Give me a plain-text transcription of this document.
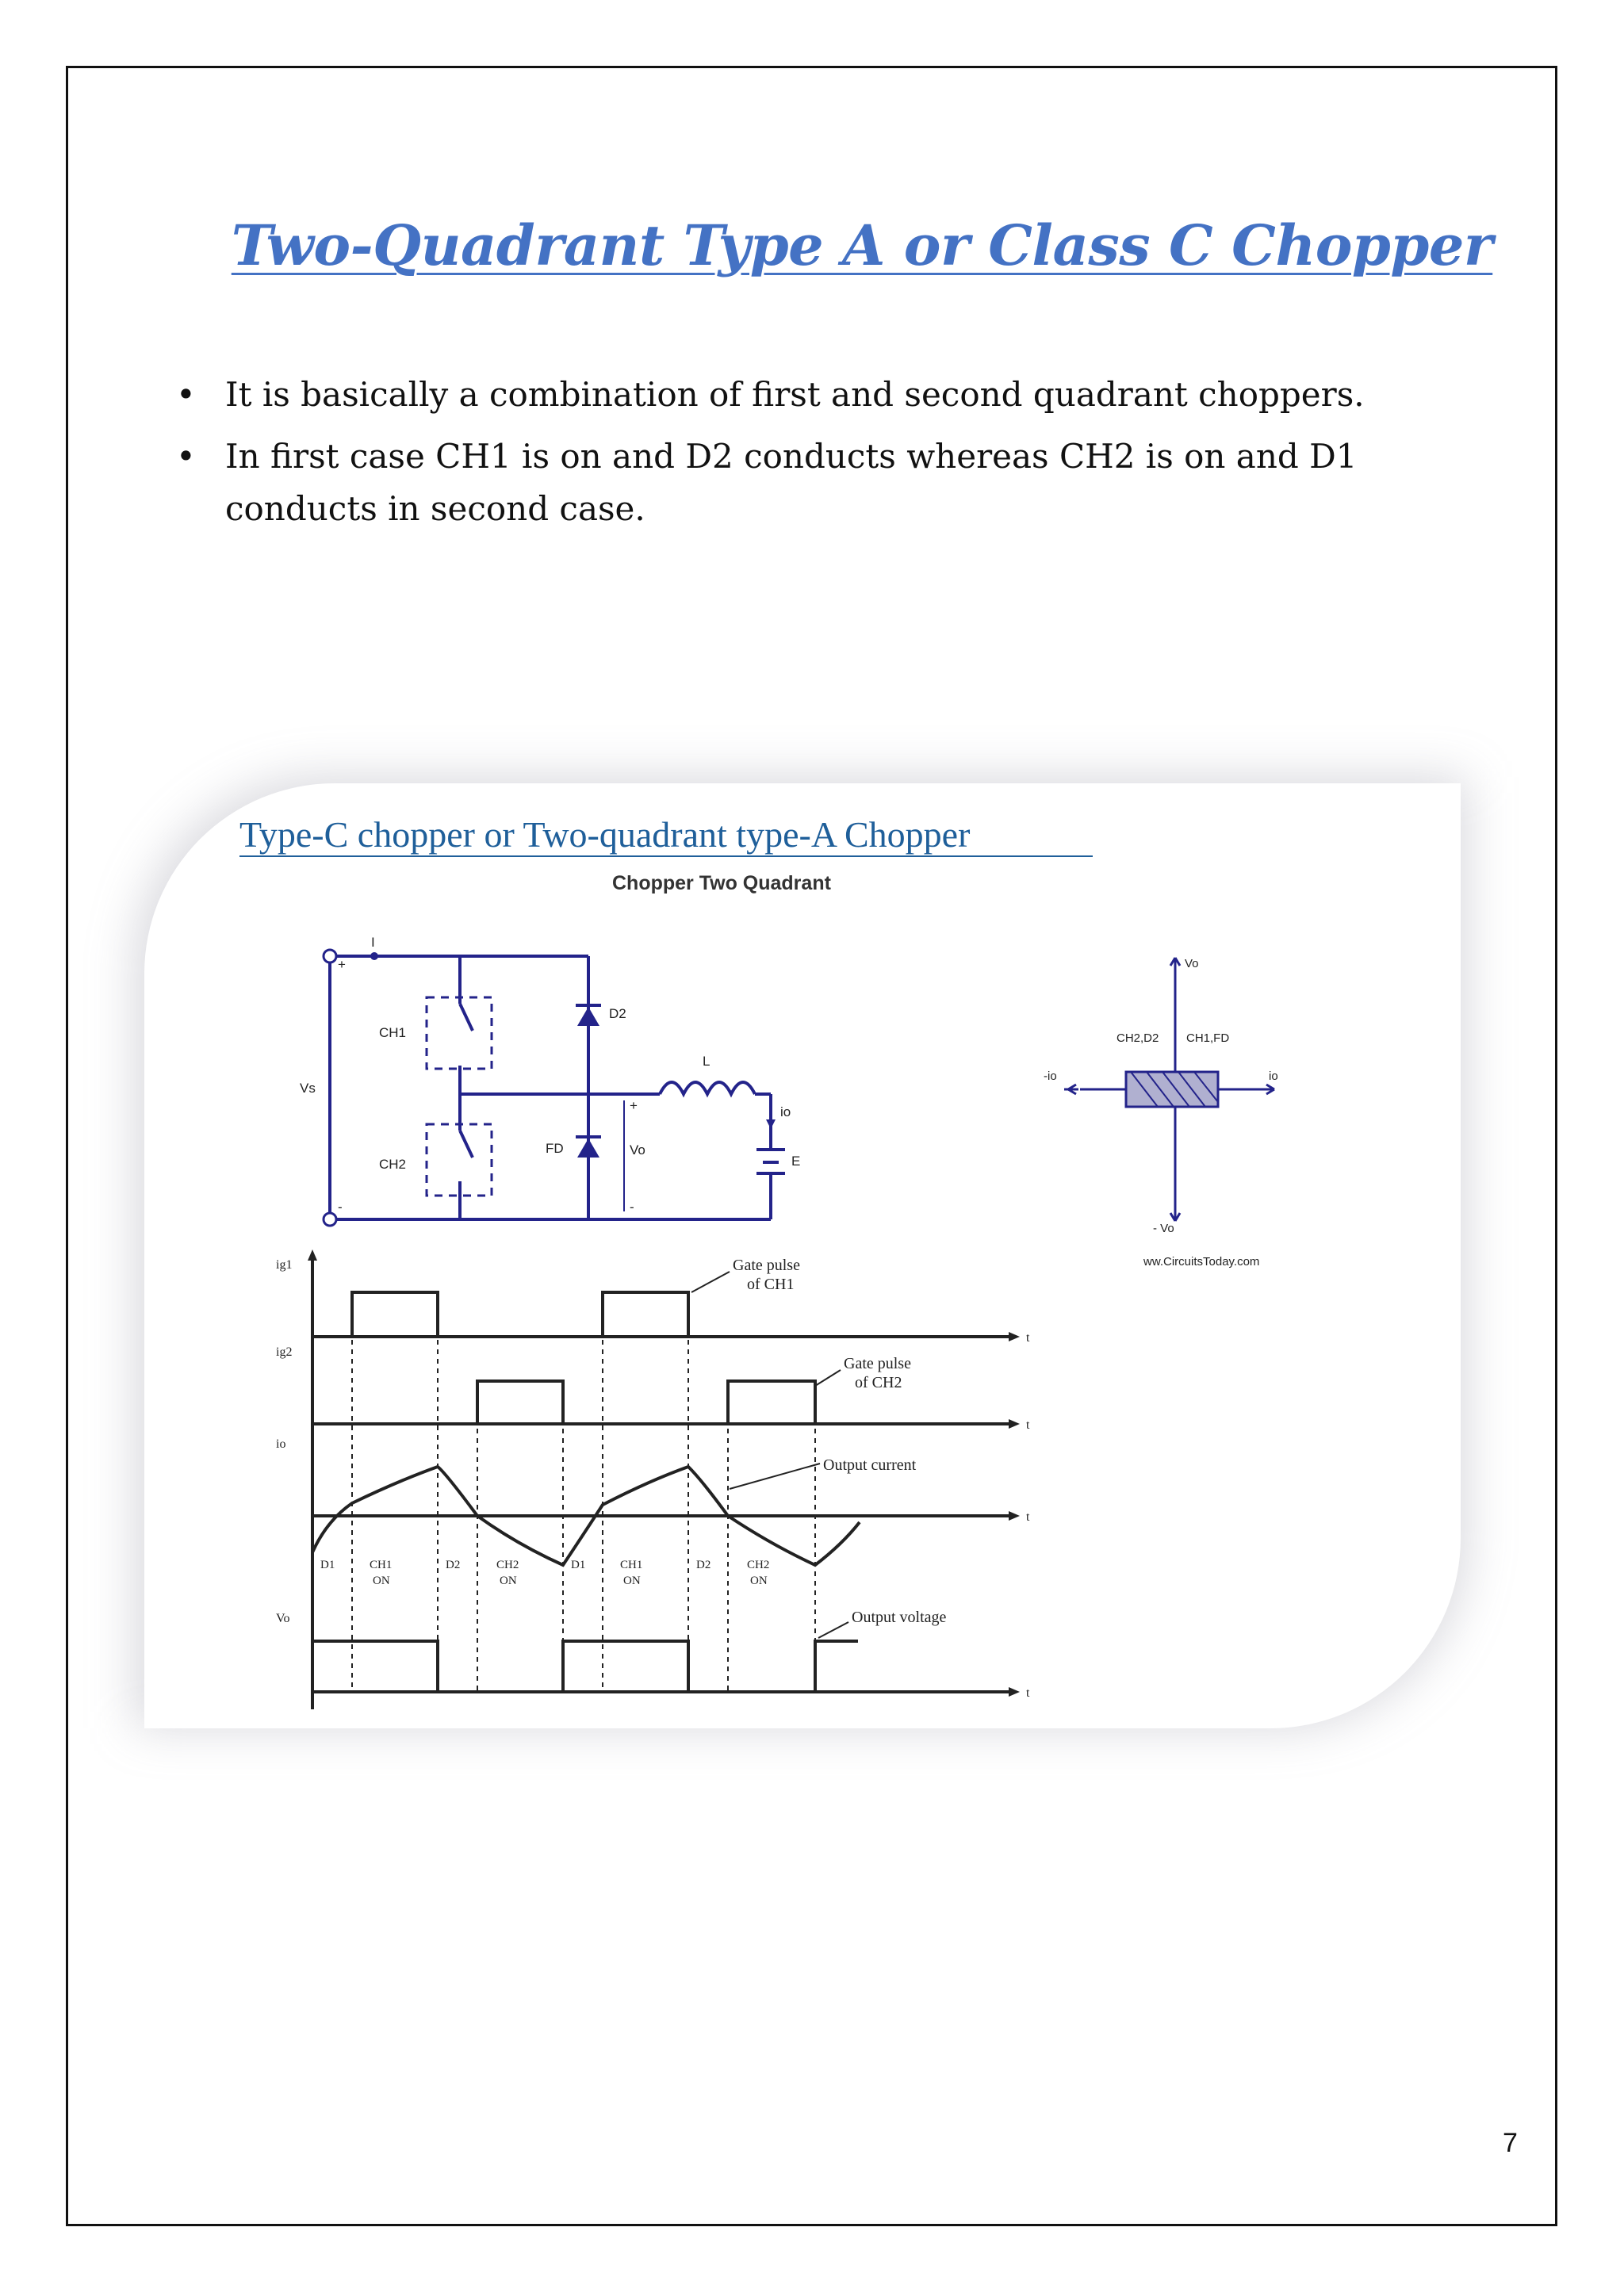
Two-Quadrant Type A or Class C Chopper
• It is basically a combination of first and second quadrant choppers.
• In first case CH1 is on and D2 conducts whereas CH2 is on and D1 conducts in second case.
Type-C chopper or Two-quadrant type-A Chopper
Chopper Two Quadrant
I
+
-
Vs
CH1
CH2
D2
FD
L
io
+
Vo
-
E
Vo
- Vo
io
-io
CH2,D2 CH1,FD
ww.CircuitsToday.com
ig1
ig2
io
Vo
t
t
t
t
Gate pulse
of CH1
Gate pulse
of CH2
Output current
Output voltage
D1	CH1
ON
D2	CH2
ON
D1	CH1
ON
D2	CH2
ON
7
